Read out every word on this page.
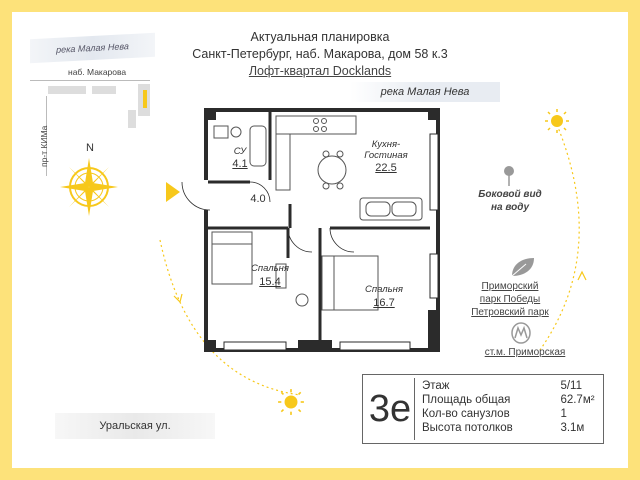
Актуальная планировка
Санкт-Петербург, наб. Макарова, дом 58 к.3
Лофт-квартал Docklands
река Малая Нева
наб. Макарова
пр-т КИМа	N
река Малая Нева
СУ
4.1
4.0
Кухня-
Гостиная
22.5
Спальня
15.4
Спальня
16.7
Боковой вид
на воду
Приморский
парк Победы
Петровский парк
ст.м. Приморская
Уральская ул.	3е
Этаж	5/11
Площадь общая	62.7м²
Кол-во санузлов	1
Высота потолков	3.1м
